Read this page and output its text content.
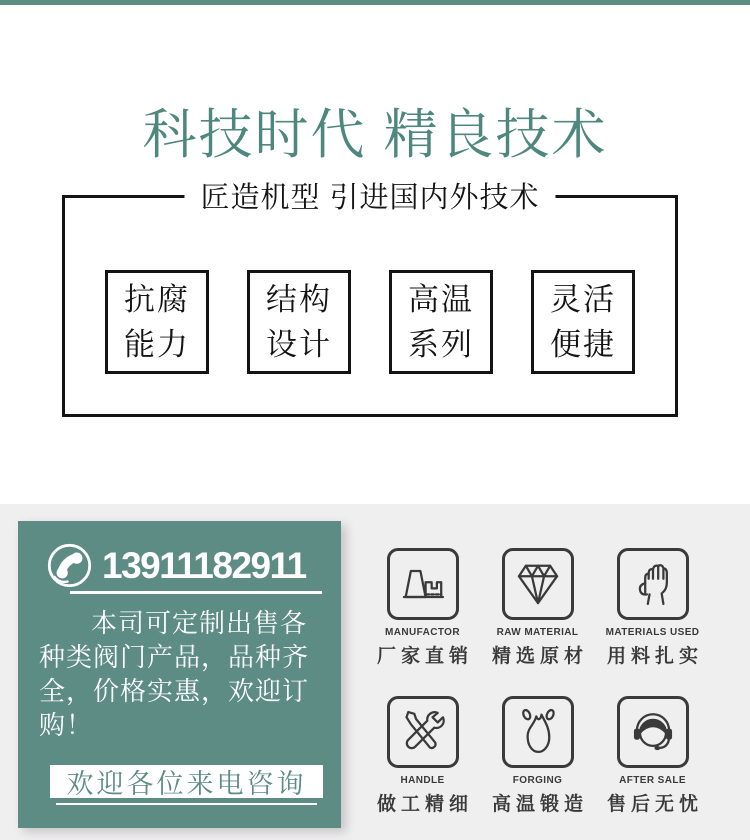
科技时代 精良技术
匠造机型 引进国内外技术
抗腐
能力
结构
设计
高温
系列
灵活
便捷
13911182911

本司可定制出售各种类阀门产品，品种齐全，价格实惠，欢迎订购！

欢迎各位来电咨询
MANUFACTOR
厂家直销
RAW MATERIAL
精选原材
MATERIALS USED
用料扎实
HANDLE
做工精细
FORGING
高温锻造
AFTER SALE
售后无忧
